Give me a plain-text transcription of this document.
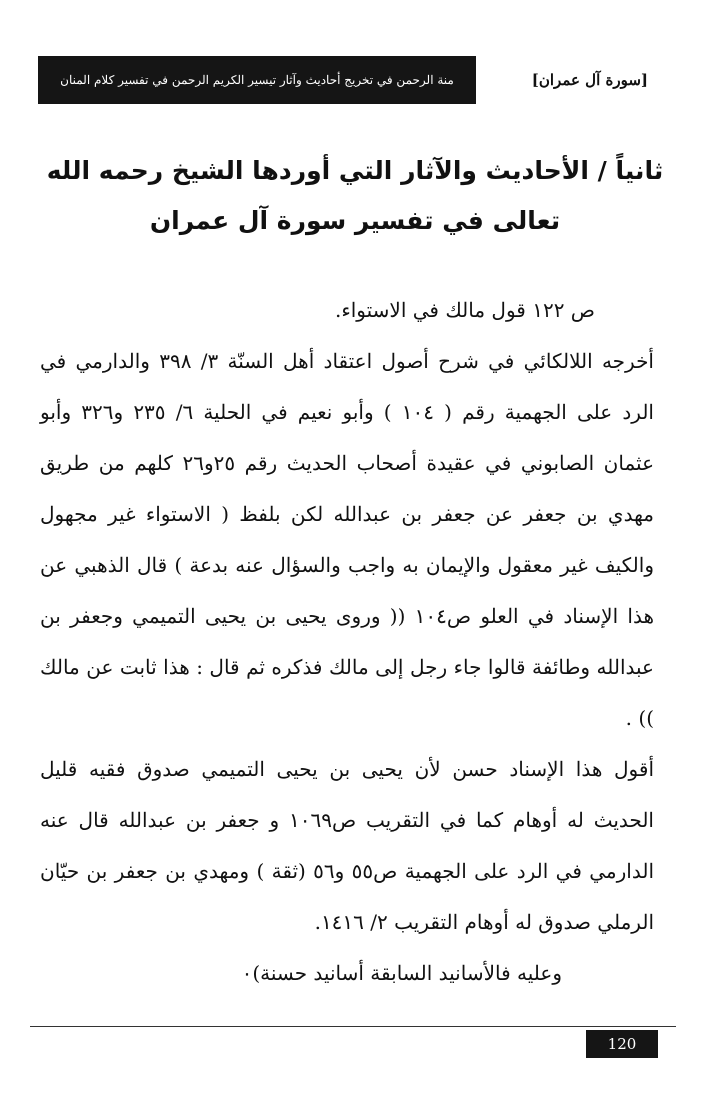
منة الرحمن في تخريج أحاديث وآثار تيسير الكريم الرحمن في تفسير كلام المنان	[سورة آل عمران]
ثانياً / الأحاديث والآثار التي أوردها الشيخ رحمه الله تعالى في تفسير سورة آل عمران

ص ١٢٢ قول مالك في الاستواء.

أخرجه اللالكائي في شرح أصول اعتقاد أهل السنّة ٣/ ٣٩٨ والدارمي في الرد على الجهمية رقم ( ١٠٤ ) وأبو نعيم في الحلية ٦/ ٢٣٥ و٣٢٦ وأبو عثمان الصابوني في عقيدة أصحاب الحديث رقم ٢٥و٢٦ كلهم من طريق مهدي بن جعفر عن جعفر بن عبدالله لكن بلفظ ( الاستواء غير مجهول والكيف غير معقول والإيمان به واجب والسؤال عنه بدعة ) قال الذهبي عن هذا الإسناد في العلو ص١٠٤ (( وروى يحيى بن يحيى التميمي وجعفر بن عبدالله وطائفة قالوا جاء رجل إلى مالك فذكره ثم قال : هذا ثابت عن مالك )) .

أقول هذا الإسناد حسن لأن يحيى بن يحيى التميمي صدوق فقيه قليل الحديث له أوهام كما في التقريب ص١٠٦٩ و جعفر بن عبدالله قال عنه الدارمي في الرد على الجهمية ص٥٥ و٥٦ (ثقة ) ومهدي بن جعفر بن حيّان الرملي صدوق له أوهام التقريب ٢/ ١٤١٦.

وعليه فالأسانيد السابقة أسانيد حسنة)٠

120
